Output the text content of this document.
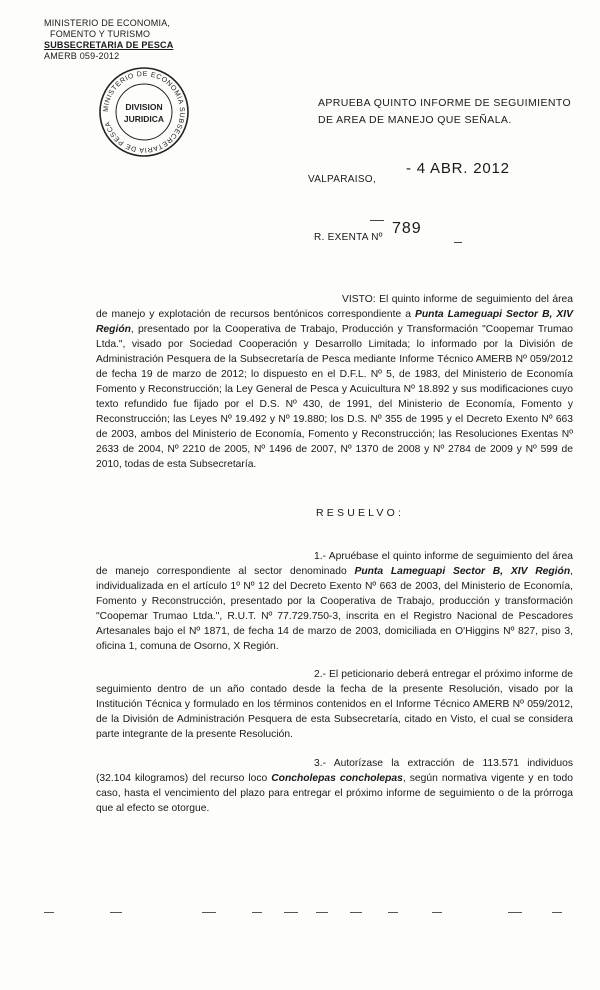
MINISTERIO DE ECONOMIA,
FOMENTO Y TURISMO
SUBSECRETARIA DE PESCA
AMERB 059-2012
MINISTERIO DE ECONOMIA SUBSECRETARIA DE PESCA
DIVISION
JURIDICA
APRUEBA QUINTO INFORME DE SEGUIMIENTO DE AREA DE MANEJO QUE SEÑALA.
VALPARAISO,
- 4 ABR. 2012
R. EXENTA Nº
789
VISTO: El quinto informe de seguimiento del área de manejo y explotación de recursos bentónicos correspondiente a Punta Lameguapi Sector B, XIV Región, presentado por la Cooperativa de Trabajo, Producción y Transformación "Coopemar Trumao Ltda.", visado por Sociedad Cooperación y Desarrollo Limitada; lo informado por la División de Administración Pesquera de la Subsecretaría de Pesca mediante Informe Técnico AMERB Nº 059/2012 de fecha 19 de marzo de 2012; lo dispuesto en el D.F.L. Nº 5, de 1983, del Ministerio de Economía Fomento y Reconstrucción; la Ley General de Pesca y Acuicultura Nº 18.892 y sus modificaciones cuyo texto refundido fue fijado por el D.S. Nº 430, de 1991, del Ministerio de Economía, Fomento y Reconstrucción; las Leyes Nº 19.492 y Nº 19.880; los D.S. Nº 355 de 1995 y el Decreto Exento Nº 663 de 2003, ambos del Ministerio de Economía, Fomento y Reconstrucción; las Resoluciones Exentas Nº 2633 de 2004, Nº 2210 de 2005, Nº 1496 de 2007, Nº 1370 de 2008 y Nº 2784 de 2009 y Nº 599 de 2010, todas de esta Subsecretaría.
RESUELVO:
1.- Apruébase el quinto informe de seguimiento del área de manejo correspondiente al sector denominado Punta Lameguapi Sector B, XIV Región, individualizada en el artículo 1º Nº 12 del Decreto Exento Nº 663 de 2003, del Ministerio de Economía, Fomento y Reconstrucción, presentado por la Cooperativa de Trabajo, producción y transformación "Coopemar Trumao Ltda.", R.U.T. Nº 77.729.750-3, inscrita en el Registro Nacional de Pescadores Artesanales bajo el Nº 1871, de fecha 14 de marzo de 2003, domiciliada en O'Higgins Nº 827, piso 3, oficina 1, comuna de Osorno, X Región.
2.- El peticionario deberá entregar el próximo informe de seguimiento dentro de un año contado desde la fecha de la presente Resolución, visado por la Institución Técnica y formulado en los términos contenidos en el Informe Técnico AMERB Nº 059/2012, de la División de Administración Pesquera de esta Subsecretaría, citado en Visto, el cual se considera parte integrante de la presente Resolución.
3.- Autorízase la extracción de 113.571 individuos (32.104 kilogramos) del recurso loco Concholepas concholepas, según normativa vigente y en todo caso, hasta el vencimiento del plazo para entregar el próximo informe de seguimiento o de la prórroga que al efecto se otorgue.
